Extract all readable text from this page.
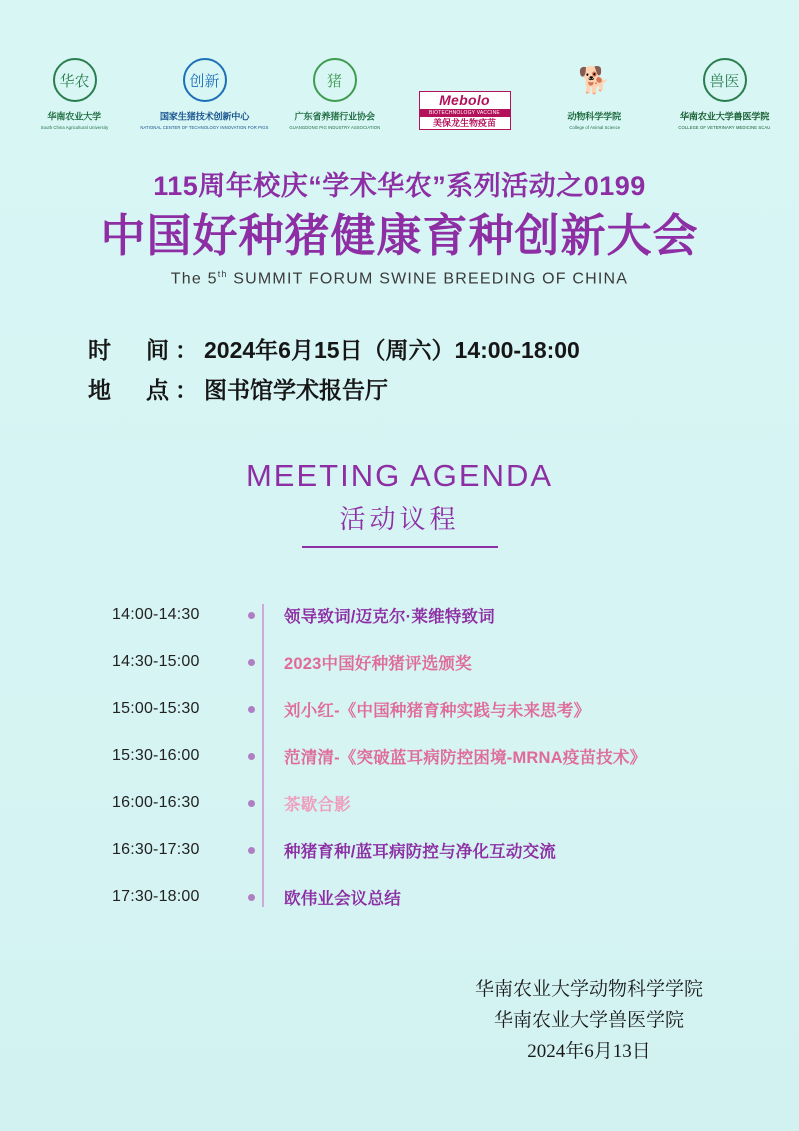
华农
华南农业大学
South China Agricultural University
创新
国家生猪技术创新中心
NATIONAL CENTER OF TECHNOLOGY INNOVATION FOR PIGS
猪
广东省养猪行业协会
GUANGDONG PIG INDUSTRY ASSOCIATION
Mebolo
BIOTECHNOLOGY VACCINE
美保龙生物疫苗
🐕
动物科学学院
College of Animal Science
兽医
华南农业大学兽医学院
COLLEGE OF VETERINARY MEDICINE SCAU
115周年校庆“学术华农”系列活动之0199
中国好种猪健康育种创新大会
The 5th SUMMIT FORUM SWINE BREEDING OF CHINA
时　间：2024年6月15日（周六）14:00-18:00
地　点：图书馆学术报告厅
MEETING AGENDA
活动议程
14:00-14:30	领导致词/迈克尔·莱维特致词
14:30-15:00	2023中国好种猪评选颁奖
15:00-15:30	刘小红-《中国种猪育种实践与未来思考》
15:30-16:00	范清清-《突破蓝耳病防控困境-MRNA疫苗技术》
16:00-16:30	茶歇合影
16:30-17:30	种猪育种/蓝耳病防控与净化互动交流
17:30-18:00	欧伟业会议总结
华南农业大学动物科学学院
华南农业大学兽医学院
2024年6月13日
